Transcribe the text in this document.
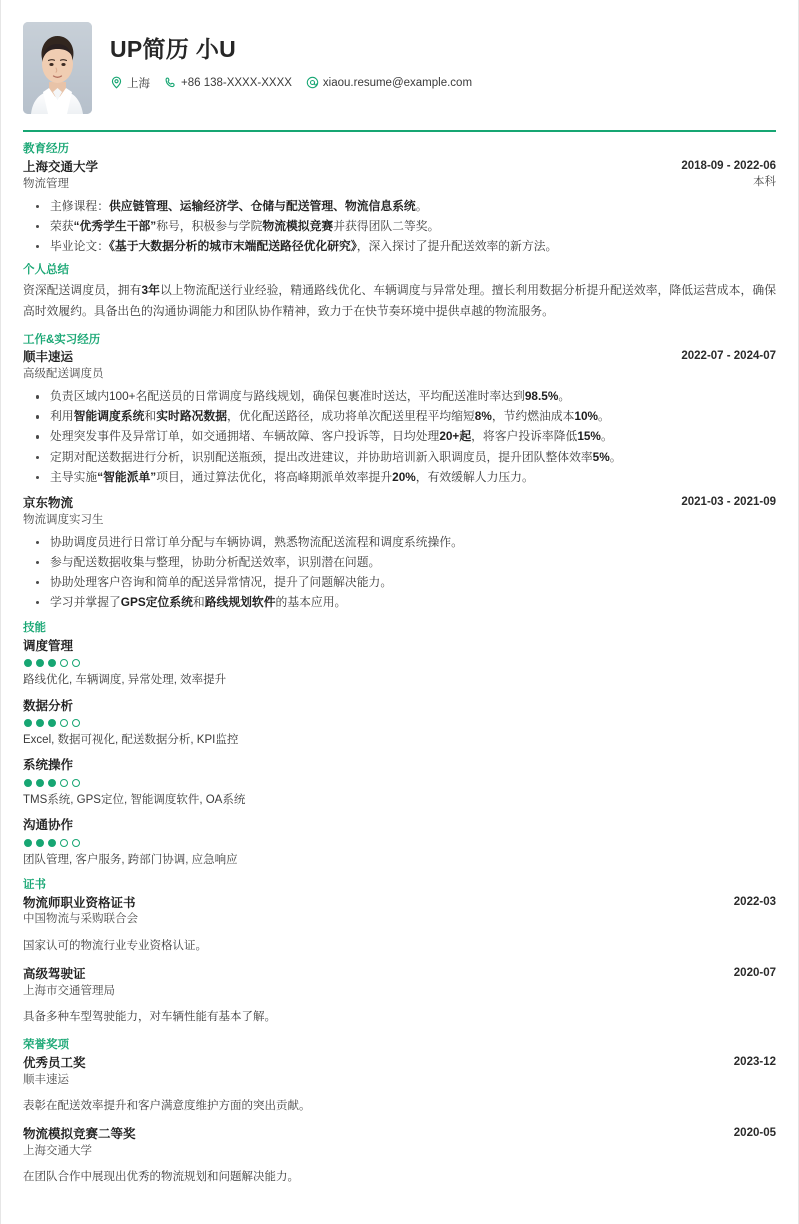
UP简历 小U
上海	+86 138-XXXX-XXXX	xiaou.resume@example.com
教育经历
上海交通大学
物流管理
2018-09 - 2022-06
本科
主修课程：供应链管理、运输经济学、仓储与配送管理、物流信息系统。
荣获“优秀学生干部”称号，积极参与学院物流模拟竞赛并获得团队二等奖。
毕业论文：《基于大数据分析的城市末端配送路径优化研究》，深入探讨了提升配送效率的新方法。
个人总结
资深配送调度员，拥有3年以上物流配送行业经验，精通路线优化、车辆调度与异常处理。擅长利用数据分析提升配送效率，降低运营成本，确保高时效履约。具备出色的沟通协调能力和团队协作精神，致力于在快节奏环境中提供卓越的物流服务。
工作&实习经历
顺丰速运
高级配送调度员
2022-07 - 2024-07
负责区域内100+名配送员的日常调度与路线规划，确保包裹准时送达，平均配送准时率达到98.5%。
利用智能调度系统和实时路况数据，优化配送路径，成功将单次配送里程平均缩短8%，节约燃油成本10%。
处理突发事件及异常订单，如交通拥堵、车辆故障、客户投诉等，日均处理20+起，将客户投诉率降低15%。
定期对配送数据进行分析，识别配送瓶颈，提出改进建议，并协助培训新入职调度员，提升团队整体效率5%。
主导实施“智能派单”项目，通过算法优化，将高峰期派单效率提升20%，有效缓解人力压力。
京东物流
物流调度实习生
2021-03 - 2021-09
协助调度员进行日常订单分配与车辆协调，熟悉物流配送流程和调度系统操作。
参与配送数据收集与整理，协助分析配送效率，识别潜在问题。
协助处理客户咨询和简单的配送异常情况，提升了问题解决能力。
学习并掌握了GPS定位系统和路线规划软件的基本应用。
技能
调度管理
路线优化, 车辆调度, 异常处理, 效率提升
数据分析
Excel, 数据可视化, 配送数据分析, KPI监控
系统操作
TMS系统, GPS定位, 智能调度软件, OA系统
沟通协作
团队管理, 客户服务, 跨部门协调, 应急响应
证书
物流师职业资格证书
中国物流与采购联合会
2022-03
国家认可的物流行业专业资格认证。
高级驾驶证
上海市交通管理局
2020-07
具备多种车型驾驶能力，对车辆性能有基本了解。
荣誉奖项
优秀员工奖
顺丰速运
2023-12
表彰在配送效率提升和客户满意度维护方面的突出贡献。
物流模拟竞赛二等奖
上海交通大学
2020-05
在团队合作中展现出优秀的物流规划和问题解决能力。
